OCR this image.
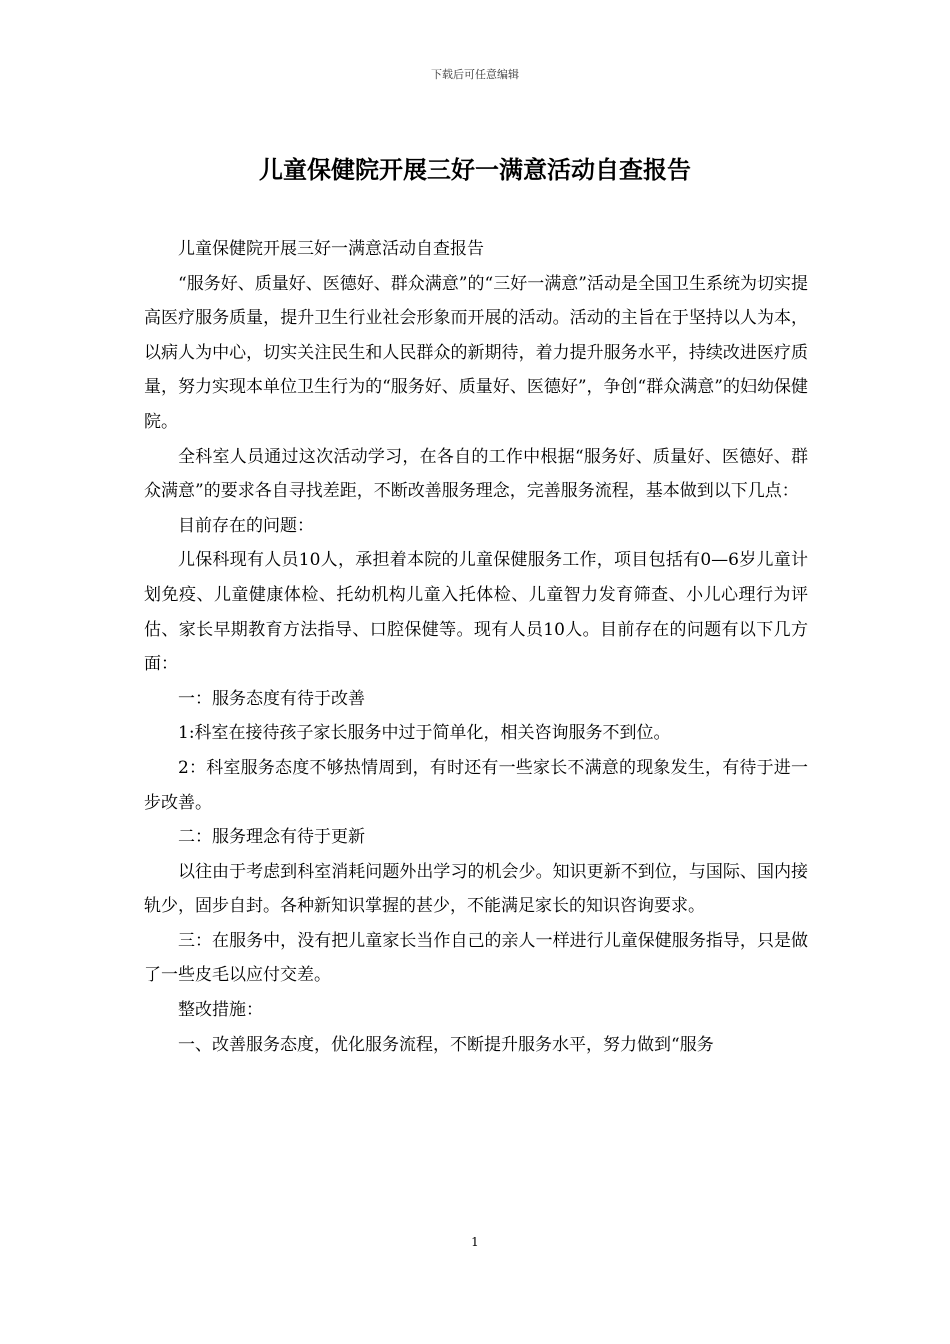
下载后可任意编辑
儿童保健院开展三好一满意活动自查报告

儿童保健院开展三好一满意活动自查报告

“服务好、质量好、医德好、群众满意”的“三好一满意”活动是全国卫生系统为切实提高医疗服务质量，提升卫生行业社会形象而开展的活动。活动的主旨在于坚持以人为本，以病人为中心，切实关注民生和人民群众的新期待，着力提升服务水平，持续改进医疗质量，努力实现本单位卫生行为的“服务好、质量好、医德好”，争创“群众满意”的妇幼保健院。

全科室人员通过这次活动学习，在各自的工作中根据“服务好、质量好、医德好、群众满意”的要求各自寻找差距，不断改善服务理念，完善服务流程，基本做到以下几点：

目前存在的问题：

儿保科现有人员10人，承担着本院的儿童保健服务工作，项目包括有0—6岁儿童计划免疫、儿童健康体检、托幼机构儿童入托体检、儿童智力发育筛查、小儿心理行为评估、家长早期教育方法指导、口腔保健等。现有人员10人。目前存在的问题有以下几方面：

一：服务态度有待于改善

1:科室在接待孩子家长服务中过于简单化，相关咨询服务不到位。

2：科室服务态度不够热情周到，有时还有一些家长不满意的现象发生，有待于进一步改善。

二：服务理念有待于更新

以往由于考虑到科室消耗问题外出学习的机会少。知识更新不到位，与国际、国内接轨少，固步自封。各种新知识掌握的甚少，不能满足家长的知识咨询要求。

三：在服务中，没有把儿童家长当作自己的亲人一样进行儿童保健服务指导，只是做了一些皮毛以应付交差。

整改措施：

一、改善服务态度，优化服务流程，不断提升服务水平，努力做到“服务

1
